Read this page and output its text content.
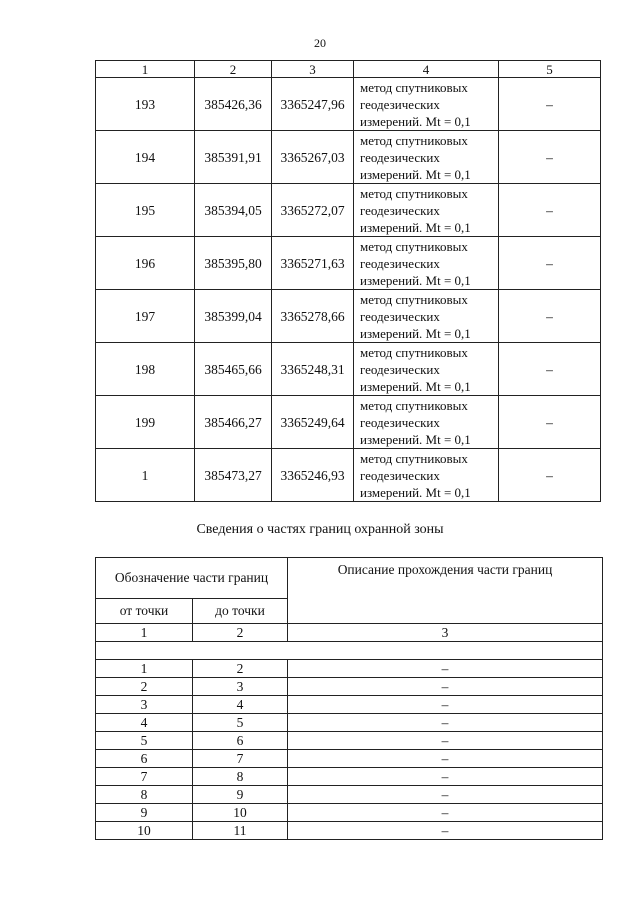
20
1	2	3	4	5
193	385426,36	3365247,96	метод спутниковых
геодезических
измерений. Mt = 0,1	–
194	385391,91	3365267,03	метод спутниковых
геодезических
измерений. Mt = 0,1	–
195	385394,05	3365272,07	метод спутниковых
геодезических
измерений. Mt = 0,1	–
196	385395,80	3365271,63	метод спутниковых
геодезических
измерений. Mt = 0,1	–
197	385399,04	3365278,66	метод спутниковых
геодезических
измерений. Mt = 0,1	–
198	385465,66	3365248,31	метод спутниковых
геодезических
измерений. Mt = 0,1	–
199	385466,27	3365249,64	метод спутниковых
геодезических
измерений. Mt = 0,1	–
1	385473,27	3365246,93	метод спутниковых
геодезических
измерений. Mt = 0,1	–
Сведения о частях границ охранной зоны
Обозначение части границ		Описание прохождения части границ
от точки	до точки	
1	2	3

1	2	–
2	3	–
3	4	–
4	5	–
5	6	–
6	7	–
7	8	–
8	9	–
9	10	–
10	11	–
